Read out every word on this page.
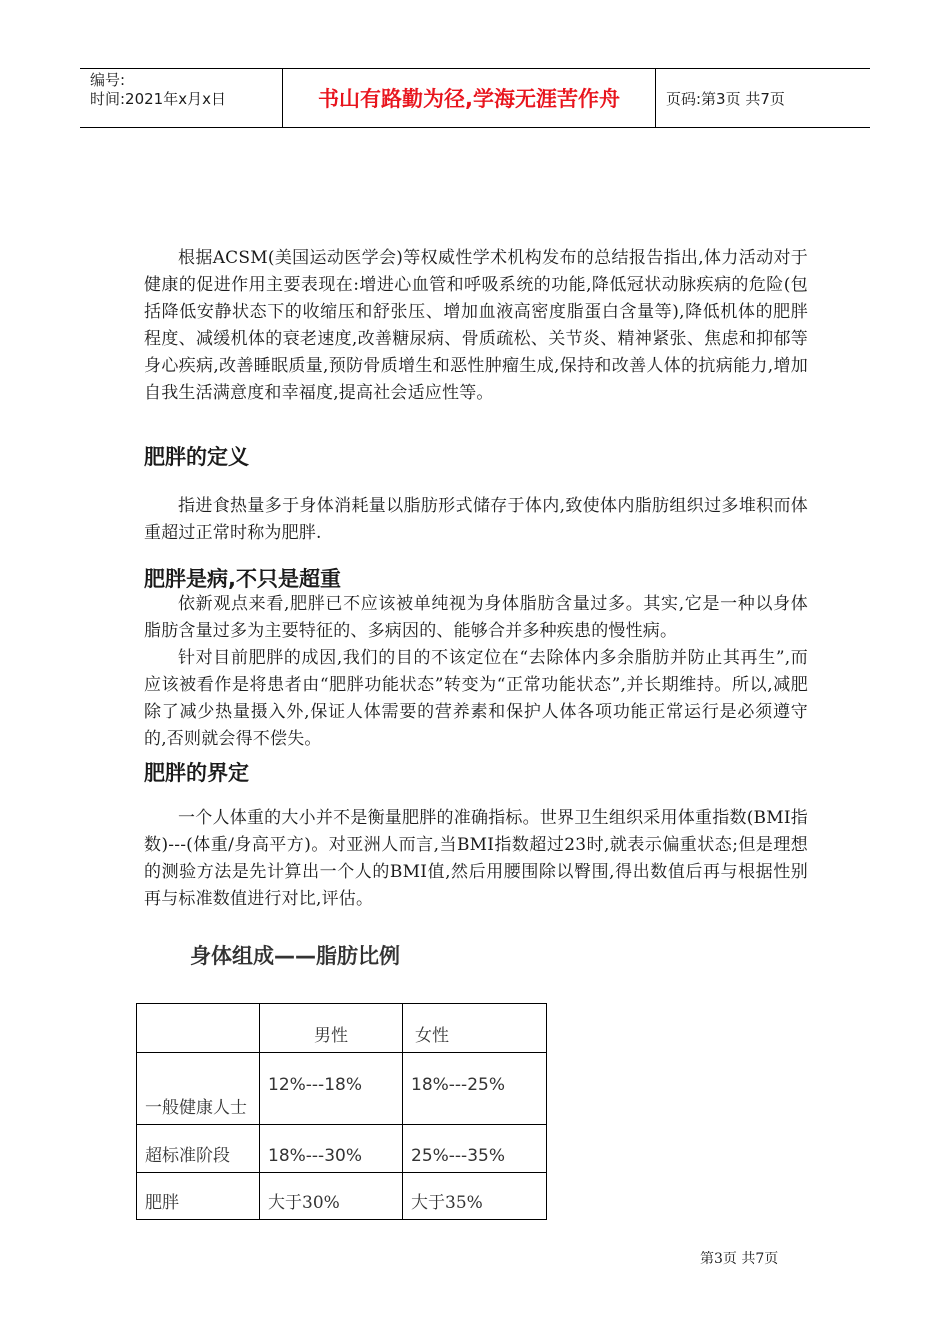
编号:
时间:2021年x月x日	书山有路勤为径,学海无涯苦作舟	页码:第3页 共7页

根据ACSM(美国运动医学会)等权威性学术机构发布的总结报告指出,体力活动对于健康的促进作用主要表现在:增进心血管和呼吸系统的功能,降低冠状动脉疾病的危险(包括降低安静状态下的收缩压和舒张压、增加血液高密度脂蛋白含量等),降低机体的肥胖程度、减缓机体的衰老速度,改善糖尿病、骨质疏松、关节炎、精神紧张、焦虑和抑郁等身心疾病,改善睡眠质量,预防骨质增生和恶性肿瘤生成,保持和改善人体的抗病能力,增加自我生活满意度和幸福度,提高社会适应性等。

肥胖的定义

指进食热量多于身体消耗量以脂肪形式储存于体内,致使体内脂肪组织过多堆积而体重超过正常时称为肥胖.

肥胖是病,不只是超重

依新观点来看,肥胖已不应该被单纯视为身体脂肪含量过多。其实,它是一种以身体脂肪含量过多为主要特征的、多病因的、能够合并多种疾患的慢性病。

针对目前肥胖的成因,我们的目的不该定位在“去除体内多余脂肪并防止其再生”,而应该被看作是将患者由“肥胖功能状态”转变为“正常功能状态”,并长期维持。所以,减肥除了减少热量摄入外,保证人体需要的营养素和保护人体各项功能正常运行是必须遵守的,否则就会得不偿失。

肥胖的界定

一个人体重的大小并不是衡量肥胖的准确指标。世界卫生组织采用体重指数(BMI指数)---(体重/身高平方)。对亚洲人而言,当BMI指数超过23时,就表示偏重状态;但是理想的测验方法是先计算出一个人的BMI值,然后用腰围除以臀围,得出数值后再与根据性别再与标准数值进行对比,评估。

身体组成——脂肪比例
	男性	女性
一般健康人士	12%---18%	18%---25%
超标准阶段	18%---30%	25%---35%
肥胖	大于30%	大于35%
第3页 共7页
